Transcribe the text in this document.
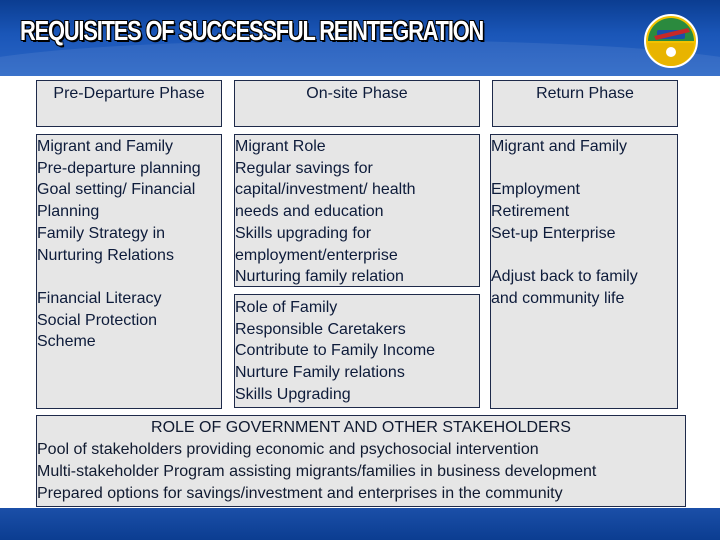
REQUISITES OF SUCCESSFUL REINTEGRATION
Pre-Departure Phase
Migrant and Family
Pre-departure planning
Goal setting/ Financial
Planning
Family Strategy in
Nurturing Relations
Financial Literacy
Social Protection
Scheme
On-site Phase
Migrant Role
Regular savings for
capital/investment/ health
needs and education
Skills upgrading for
employment/enterprise
Nurturing family relation
Role of Family
Responsible Caretakers
Contribute to Family Income
Nurture Family relations
Skills Upgrading
Return Phase
Migrant and Family
Employment
Retirement
Set-up Enterprise
Adjust back to family
and community life
ROLE OF GOVERNMENT AND OTHER STAKEHOLDERS
Pool of stakeholders providing economic and psychosocial intervention
Multi-stakeholder Program assisting migrants/families in business development
Prepared options for savings/investment and enterprises in the community
